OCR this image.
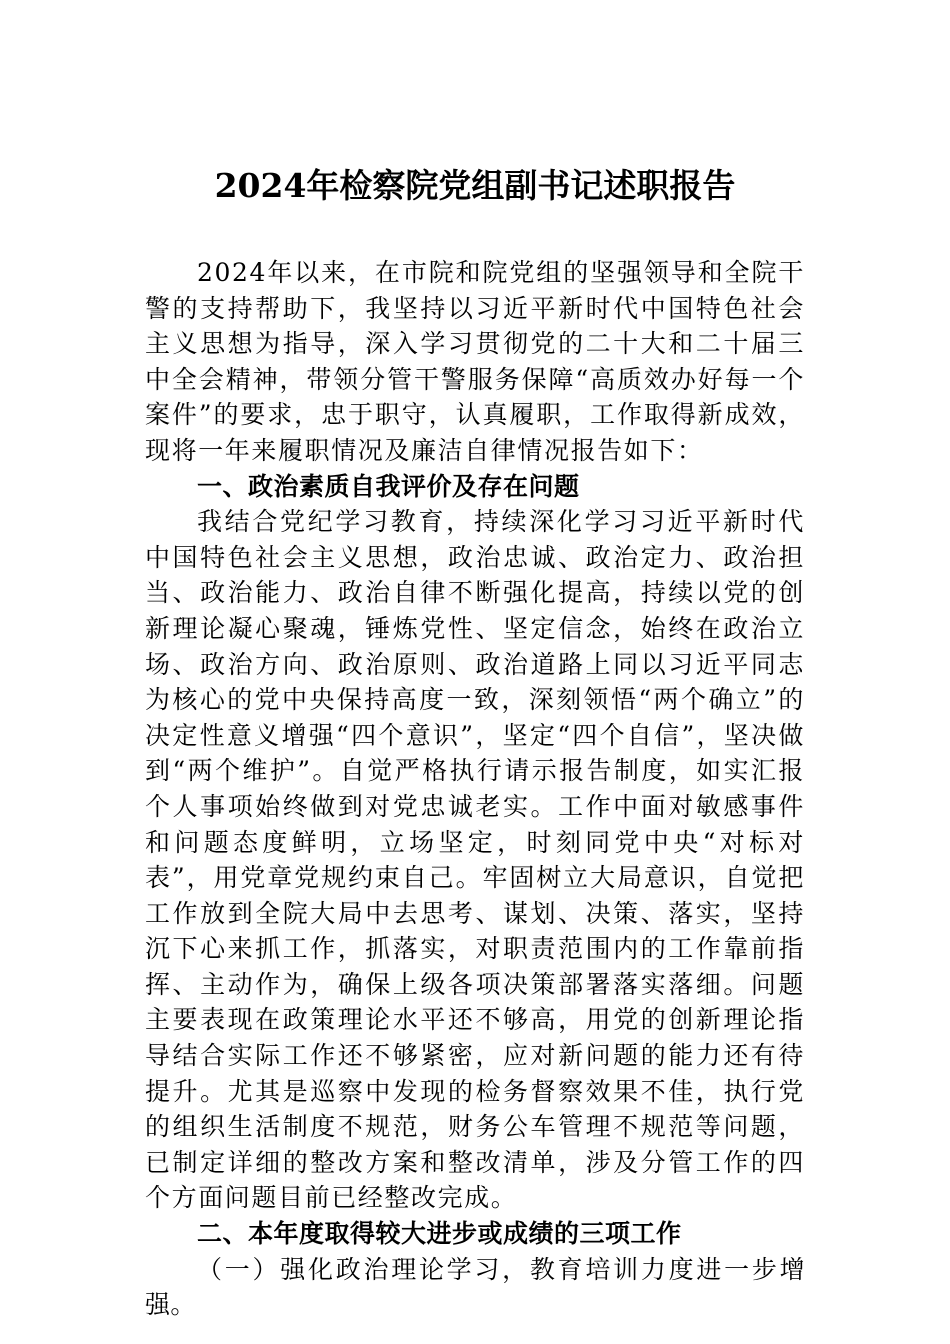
2024年检察院党组副书记述职报告

2024年以来，在市院和院党组的坚强领导和全院干警的支持帮助下，我坚持以习近平新时代中国特色社会主义思想为指导，深入学习贯彻党的二十大和二十届三中全会精神，带领分管干警服务保障“高质效办好每一个案件”的要求，忠于职守，认真履职，工作取得新成效，现将一年来履职情况及廉洁自律情况报告如下：

一、政治素质自我评价及存在问题

我结合党纪学习教育，持续深化学习习近平新时代中国特色社会主义思想，政治忠诚、政治定力、政治担当、政治能力、政治自律不断强化提高，持续以党的创新理论凝心聚魂，锤炼党性、坚定信念，始终在政治立场、政治方向、政治原则、政治道路上同以习近平同志为核心的党中央保持高度一致，深刻领悟“两个确立”的决定性意义增强“四个意识”，坚定“四个自信”，坚决做到“两个维护”。自觉严格执行请示报告制度，如实汇报个人事项始终做到对党忠诚老实。工作中面对敏感事件和问题态度鲜明，立场坚定，时刻同党中央“对标对表”，用党章党规约束自己。牢固树立大局意识，自觉把工作放到全院大局中去思考、谋划、决策、落实，坚持沉下心来抓工作，抓落实，对职责范围内的工作靠前指挥、主动作为，确保上级各项决策部署落实落细。问题主要表现在政策理论水平还不够高，用党的创新理论指导结合实际工作还不够紧密，应对新问题的能力还有待提升。尤其是巡察中发现的检务督察效果不佳，执行党的组织生活制度不规范，财务公车管理不规范等问题，已制定详细的整改方案和整改清单，涉及分管工作的四个方面问题目前已经整改完成。

二、本年度取得较大进步或成绩的三项工作

（一）强化政治理论学习，教育培训力度进一步增强。
